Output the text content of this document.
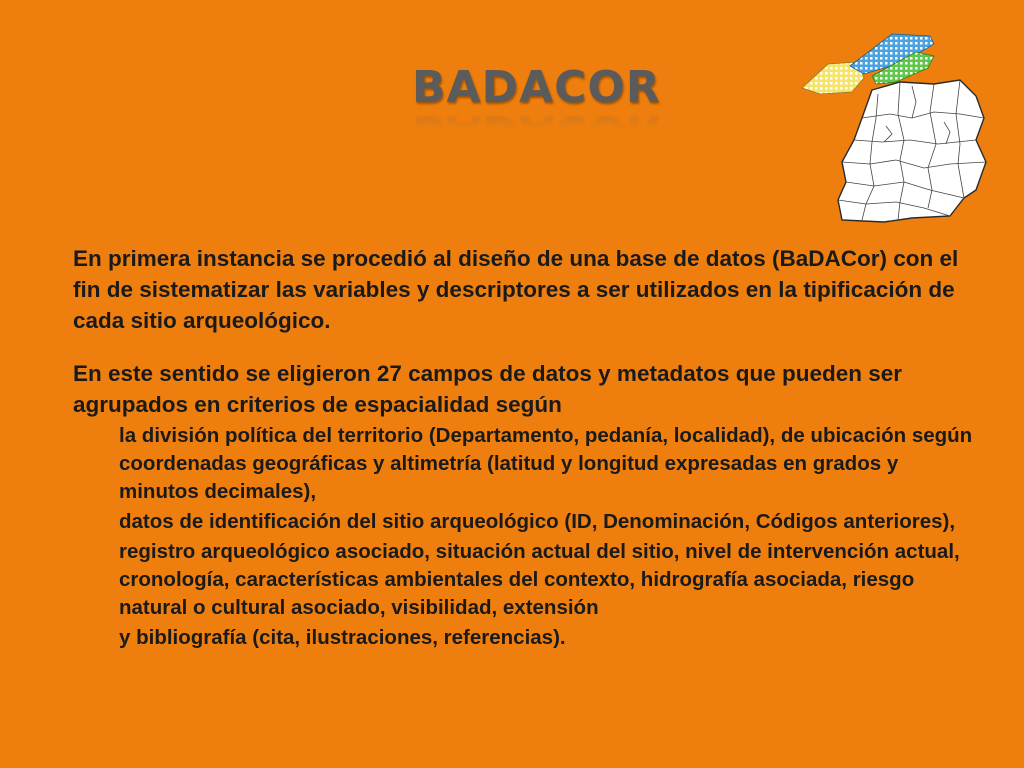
BADACOR

En primera instancia se procedió al diseño de una base de datos (BaDACor) con el fin de sistematizar las variables y descriptores a ser utilizados en la tipificación de cada sitio arqueológico.

En este sentido se eligieron 27 campos de datos y metadatos que pueden ser agrupados en criterios de espacialidad según

la división política del territorio (Departamento, pedanía, localidad), de ubicación según coordenadas geográficas y altimetría (latitud y longitud expresadas en grados y minutos decimales),

datos de identificación del sitio arqueológico (ID, Denominación, Códigos anteriores),

registro arqueológico asociado, situación actual del sitio, nivel de intervención actual, cronología, características ambientales del contexto, hidrografía asociada, riesgo natural o cultural asociado, visibilidad, extensión

y bibliografía (cita, ilustraciones, referencias).
